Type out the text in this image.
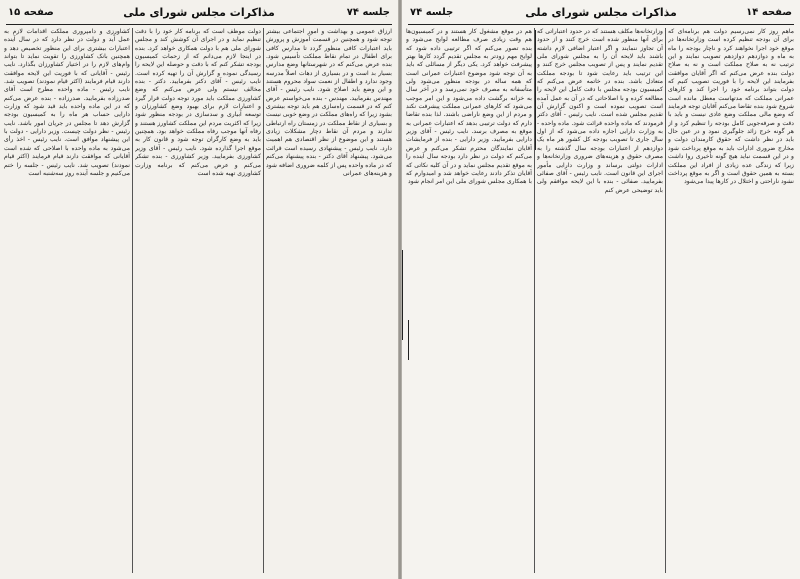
جلسه ۷۴
مذاکرات مجلس شورای ملی
صفحه ۱۵

ارزاق عمومی و بهداشت و امور اجتماعی بیشتر توجه شود و همچنین در قسمت آموزش و پرورش باید اعتبارات کافی منظور گردد تا مدارس کافی برای اطفال در تمام نقاط مملکت تأسیس شود. بنده عرض می‌کنم که در شهرستانها وضع مدارس بسیار بد است و در بسیاری از دهات اصلاً مدرسه وجود ندارد و اطفال از نعمت سواد محروم هستند و این وضع باید اصلاح شود. نایب رئیس - آقای مهندس بفرمایید. مهندس - بنده می‌خواستم عرض کنم که در قسمت راه‌سازی هم باید توجه بیشتری بشود زیرا که راه‌های مملکت در وضع خوبی نیست و بسیاری از نقاط مملکت در زمستان راه ارتباطی ندارند و مردم آن نقاط دچار مشکلات زیادی هستند و این موضوع از نظر اقتصادی هم اهمیت دارد. نایب رئیس - پیشنهادی رسیده است قرائت می‌شود. پیشنهاد آقای دکتر - بنده پیشنهاد می‌کنم که در ماده واحده پس از کلمه ضروری اضافه شود و هزینه‌های عمرانی

دولت موظف است که برنامه کار خود را با دقت تنظیم نماید و در اجرای آن کوشش کند و مجلس شورای ملی هم با دولت همکاری خواهد کرد. بنده در اینجا لازم می‌دانم که از زحمات کمیسیون بودجه تشکر کنم که با دقت و حوصله این لایحه را رسیدگی نموده و گزارش آن را تهیه کرده است. نایب رئیس - آقای دکتر بفرمایید. دکتر - بنده مخالف نیستم ولی عرض می‌کنم که وضع کشاورزی مملکت باید مورد توجه دولت قرار گیرد و اعتبارات لازم برای بهبود وضع کشاورزان و توسعه آبیاری و سدسازی در بودجه منظور شود زیرا که اکثریت مردم این مملکت کشاورز هستند و رفاه آنها موجب رفاه مملکت خواهد بود. همچنین باید به وضع کارگران توجه شود و قانون کار به موقع اجرا گذارده شود. نایب رئیس - آقای وزیر کشاورزی بفرمایید. وزیر کشاورزی - بنده تشکر می‌کنم و عرض می‌کنم که برنامه وزارت کشاورزی تهیه شده است

کشاورزی و دامپروری مملکت اقدامات لازم به عمل آید و دولت در نظر دارد که در سال آینده اعتبارات بیشتری برای این منظور تخصیص دهد و همچنین بانک کشاورزی را تقویت نماید تا بتواند وام‌های لازم را در اختیار کشاورزان بگذارد. نایب رئیس - آقایانی که با فوریت این لایحه موافقت دارند قیام فرمایند (اکثر قیام نمودند) تصویب شد. نایب رئیس - ماده واحده مطرح است آقای صدرزاده بفرمایید. صدرزاده - بنده عرض می‌کنم که در این ماده واحده باید قید شود که وزارت دارایی حساب هر ماه را به کمیسیون بودجه گزارش دهد تا مجلس در جریان امور باشد. نایب رئیس - نظر دولت چیست. وزیر دارایی - دولت با این پیشنهاد موافق است. نایب رئیس - اخذ رأی می‌شود به ماده واحده با اصلاحی که شده است آقایانی که موافقت دارند قیام فرمایند (اکثر قیام نمودند) تصویب شد. نایب رئیس - جلسه را ختم می‌کنیم و جلسه آینده روز سه‌شنبه است

صفحه ۱۴
مذاکرات مجلس شورای ملی
جلسه ۷۴

ماهم روز کار نمی‌رسیم دولت هم برنامه‌ای که برای آن بودجه تنظیم کرده است وزارتخانه‌ها در موقع خود اجرا نخواهند کرد و ناچار بودجه را ماه به ماه و دوازدهم دوازدهم تصویب نمایند و این ترتیب نه به صلاح مملکت است و نه به صلاح دولت بنده عرض می‌کنم که اگر آقایان موافقت بفرمایند این لایحه را با فوریت تصویب کنیم که دولت بتواند برنامه خود را اجرا کند و کارهای عمرانی مملکت که مدتهاست معطل مانده است شروع شود بنده تقاضا می‌کنم آقایان توجه فرمایند که وضع مالی مملکت وضع عادی نیست و باید با دقت و صرفه‌جویی کامل بودجه را تنظیم کرد و از هر گونه خرج زائد جلوگیری نمود و در عین حال باید در نظر داشت که حقوق کارمندان دولت و مخارج ضروری ادارات باید به موقع پرداخت شود و در این قسمت نباید هیچ گونه تأخیری روا داشت زیرا که زندگی عده زیادی از افراد این مملکت بسته به همین حقوق است و اگر به موقع پرداخت نشود ناراحتی و اختلال در کارها پیدا می‌شود

وزارتخانه‌ها مکلف هستند که در حدود اعتباراتی که برای آنها منظور شده است خرج کنند و از حدود آن تجاوز ننمایند و اگر اعتبار اضافی لازم داشته باشند باید لایحه آن را به مجلس شورای ملی تقدیم نمایند و پس از تصویب مجلس خرج کنند و این ترتیب باید رعایت شود تا بودجه مملکت متعادل باشد. بنده در خاتمه عرض می‌کنم که کمیسیون بودجه مجلس با دقت کامل این لایحه را مطالعه کرده و با اصلاحاتی که در آن به عمل آمده است تصویب نموده است و اکنون گزارش آن تقدیم مجلس شده است. نایب رئیس - آقای دکتر فرمودند که ماده واحده قرائت شود. ماده واحده - به وزارت دارایی اجازه داده می‌شود که از اول سال جاری تا تصویب بودجه کل کشور هر ماه یک دوازدهم از اعتبارات بودجه سال گذشته را به مصرف حقوق و هزینه‌های ضروری وزارتخانه‌ها و ادارات دولتی برساند و وزارت دارایی مأمور اجرای این قانون است. نایب رئیس - آقای صفائی بفرمایید. صفائی - بنده با این لایحه موافقم ولی باید توضیحی عرض کنم

هم در موقع مشغول کار هستند و در کمیسیون‌ها هم وقت زیادی صرف مطالعه لوایح می‌شود و بنده تصور می‌کنم که اگر ترتیبی داده شود که لوایح مهم زودتر به مجلس تقدیم گردد کارها بهتر پیشرفت خواهد کرد. یکی دیگر از مسائلی که باید به آن توجه شود موضوع اعتبارات عمرانی است که همه ساله در بودجه منظور می‌شود ولی متأسفانه به مصرف خود نمی‌رسد و در آخر سال به خزانه برگشت داده می‌شود و این امر موجب می‌شود که کارهای عمرانی مملکت پیشرفت نکند و مردم از این وضع ناراضی باشند. لذا بنده تقاضا دارم که دولت ترتیبی بدهد که اعتبارات عمرانی به موقع به مصرف برسد. نایب رئیس - آقای وزیر دارایی بفرمایید. وزیر دارایی - بنده از فرمایشات آقایان نمایندگان محترم تشکر می‌کنم و عرض می‌کنم که دولت در نظر دارد بودجه سال آینده را به موقع تقدیم مجلس نماید و در آن کلیه نکاتی که آقایان تذکر دادند رعایت خواهد شد و امیدوارم که با همکاری مجلس شورای ملی این امر انجام شود
